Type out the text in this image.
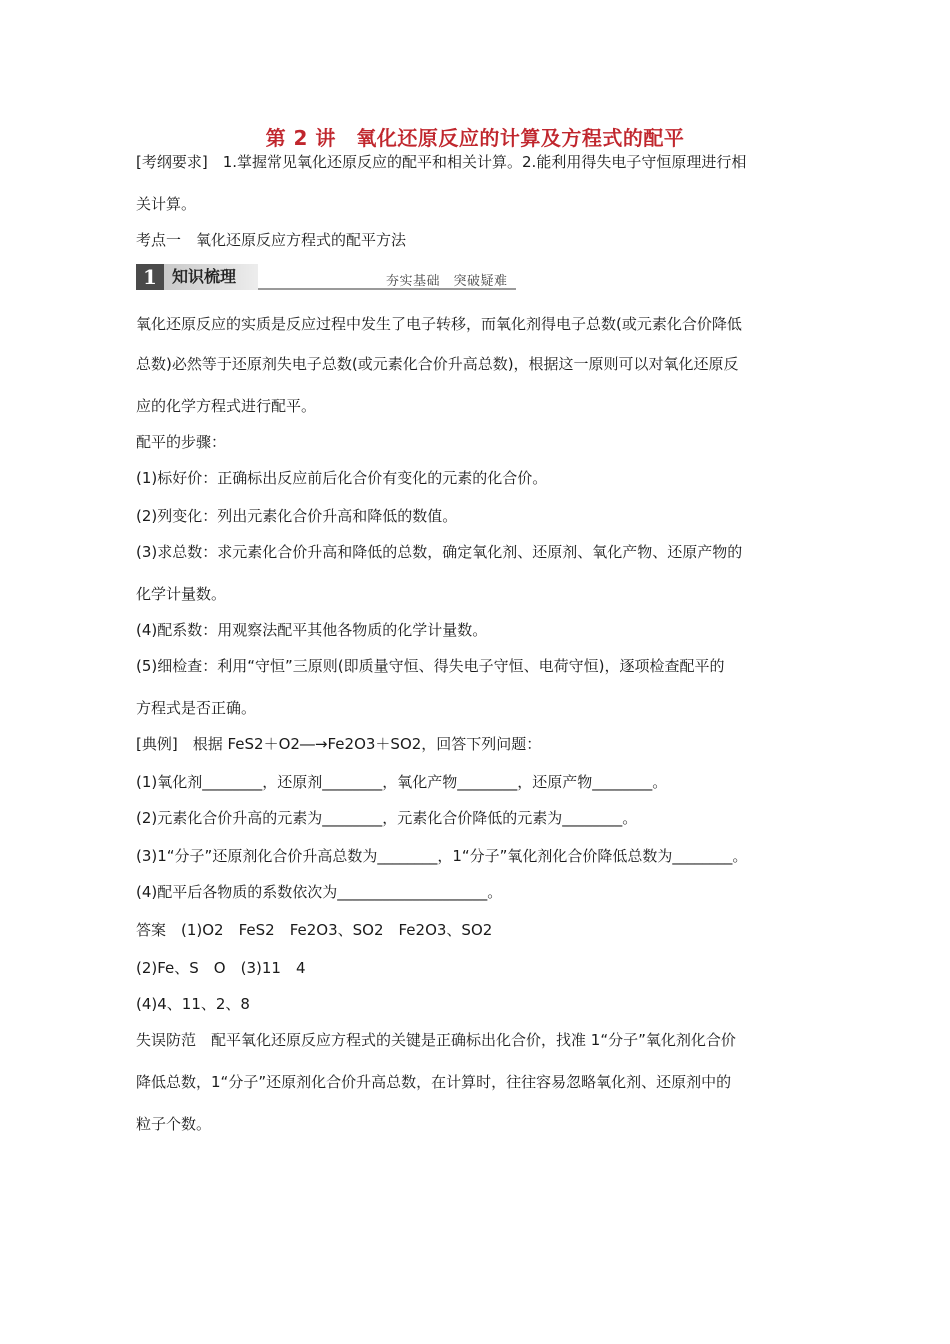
第 2 讲　氧化还原反应的计算及方程式的配平
[考纲要求]　1.掌握常见氧化还原反应的配平和相关计算。2.能利用得失电子守恒原理进行相
关计算。
考点一　氧化还原反应方程式的配平方法
1 知识梳理	夯实基础　突破疑难
氧化还原反应的实质是反应过程中发生了电子转移，而氧化剂得电子总数(或元素化合价降低
总数)必然等于还原剂失电子总数(或元素化合价升高总数)，根据这一原则可以对氧化还原反
应的化学方程式进行配平。
配平的步骤：
(1)标好价：正确标出反应前后化合价有变化的元素的化合价。
(2)列变化：列出元素化合价升高和降低的数值。
(3)求总数：求元素化合价升高和降低的总数，确定氧化剂、还原剂、氧化产物、还原产物的
化学计量数。
(4)配系数：用观察法配平其他各物质的化学计量数。
(5)细检查：利用“守恒”三原则(即质量守恒、得失电子守恒、电荷守恒)，逐项检查配平的
方程式是否正确。
[典例]　根据 FeS2＋O2―→Fe2O3＋SO2，回答下列问题：
(1)氧化剂________，还原剂________，氧化产物________，还原产物________。
(2)元素化合价升高的元素为________，元素化合价降低的元素为________。
(3)1“分子”还原剂化合价升高总数为________，1“分子”氧化剂化合价降低总数为________。
(4)配平后各物质的系数依次为____________________。
答案　(1)O2　FeS2　Fe2O3、SO2　Fe2O3、SO2
(2)Fe、S　O　(3)11　4
(4)4、11、2、8
失误防范　配平氧化还原反应方程式的关键是正确标出化合价，找准 1“分子”氧化剂化合价
降低总数，1“分子”还原剂化合价升高总数，在计算时，往往容易忽略氧化剂、还原剂中的
粒子个数。
